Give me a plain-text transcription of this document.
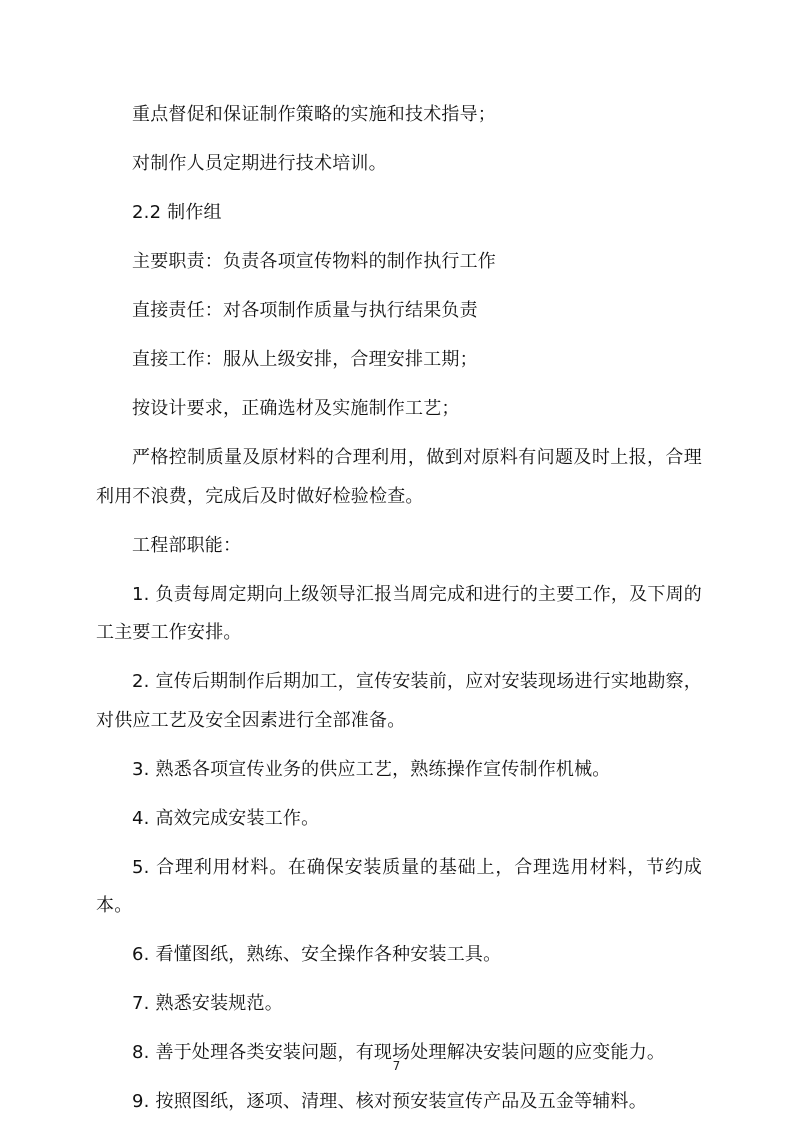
重点督促和保证制作策略的实施和技术指导；

对制作人员定期进行技术培训。

2.2 制作组

主要职责：负责各项宣传物料的制作执行工作

直接责任：对各项制作质量与执行结果负责

直接工作：服从上级安排，合理安排工期；

按设计要求，正确选材及实施制作工艺；

严格控制质量及原材料的合理利用，做到对原料有问题及时上报，合理利用不浪费，完成后及时做好检验检查。

工程部职能：

1. 负责每周定期向上级领导汇报当周完成和进行的主要工作，及下周的工主要工作安排。

2. 宣传后期制作后期加工，宣传安装前，应对安装现场进行实地勘察，对供应工艺及安全因素进行全部准备。

3. 熟悉各项宣传业务的供应工艺，熟练操作宣传制作机械。

4. 高效完成安装工作。

5. 合理利用材料。在确保安装质量的基础上，合理选用材料，节约成本。

6. 看懂图纸，熟练、安全操作各种安装工具。

7. 熟悉安装规范。

8. 善于处理各类安装问题，有现场处理解决安装问题的应变能力。

9. 按照图纸，逐项、清理、核对预安装宣传产品及五金等辅料。

7
